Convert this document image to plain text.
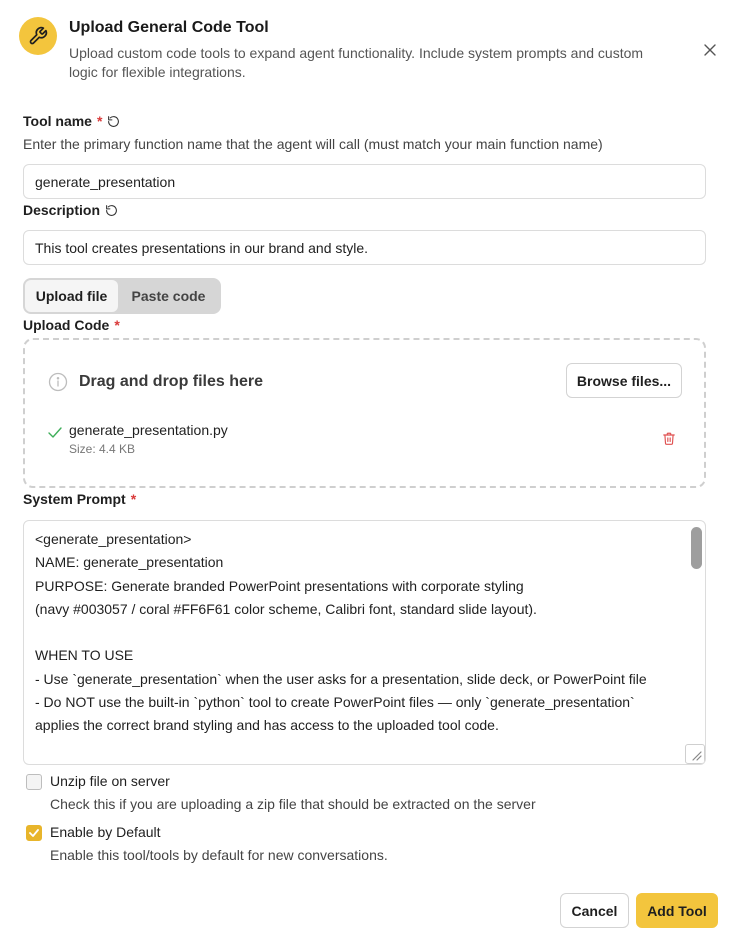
Upload General Code Tool
Upload custom code tools to expand agent functionality. Include system prompts and custom logic for flexible integrations.
Tool name *
Enter the primary function name that the agent will call (must match your main function name)
generate_presentation
Description
This tool creates presentations in our brand and style.
Upload file	Paste code
Upload Code *
Drag and drop files here	Browse files...
generate_presentation.py
Size: 4.4 KB
System Prompt *
<generate_presentation>
NAME: generate_presentation
PURPOSE: Generate branded PowerPoint presentations with corporate styling
(navy #003057 / coral #FF6F61 color scheme, Calibri font, standard slide layout).

WHEN TO USE
- Use `generate_presentation` when the user asks for a presentation, slide deck, or PowerPoint file
- Do NOT use the built-in `python` tool to create PowerPoint files — only `generate_presentation` applies the correct brand styling and has access to the uploaded tool code.
Unzip file on server
Check this if you are uploading a zip file that should be extracted on the server
Enable by Default
Enable this tool/tools by default for new conversations.
Cancel	Add Tool
